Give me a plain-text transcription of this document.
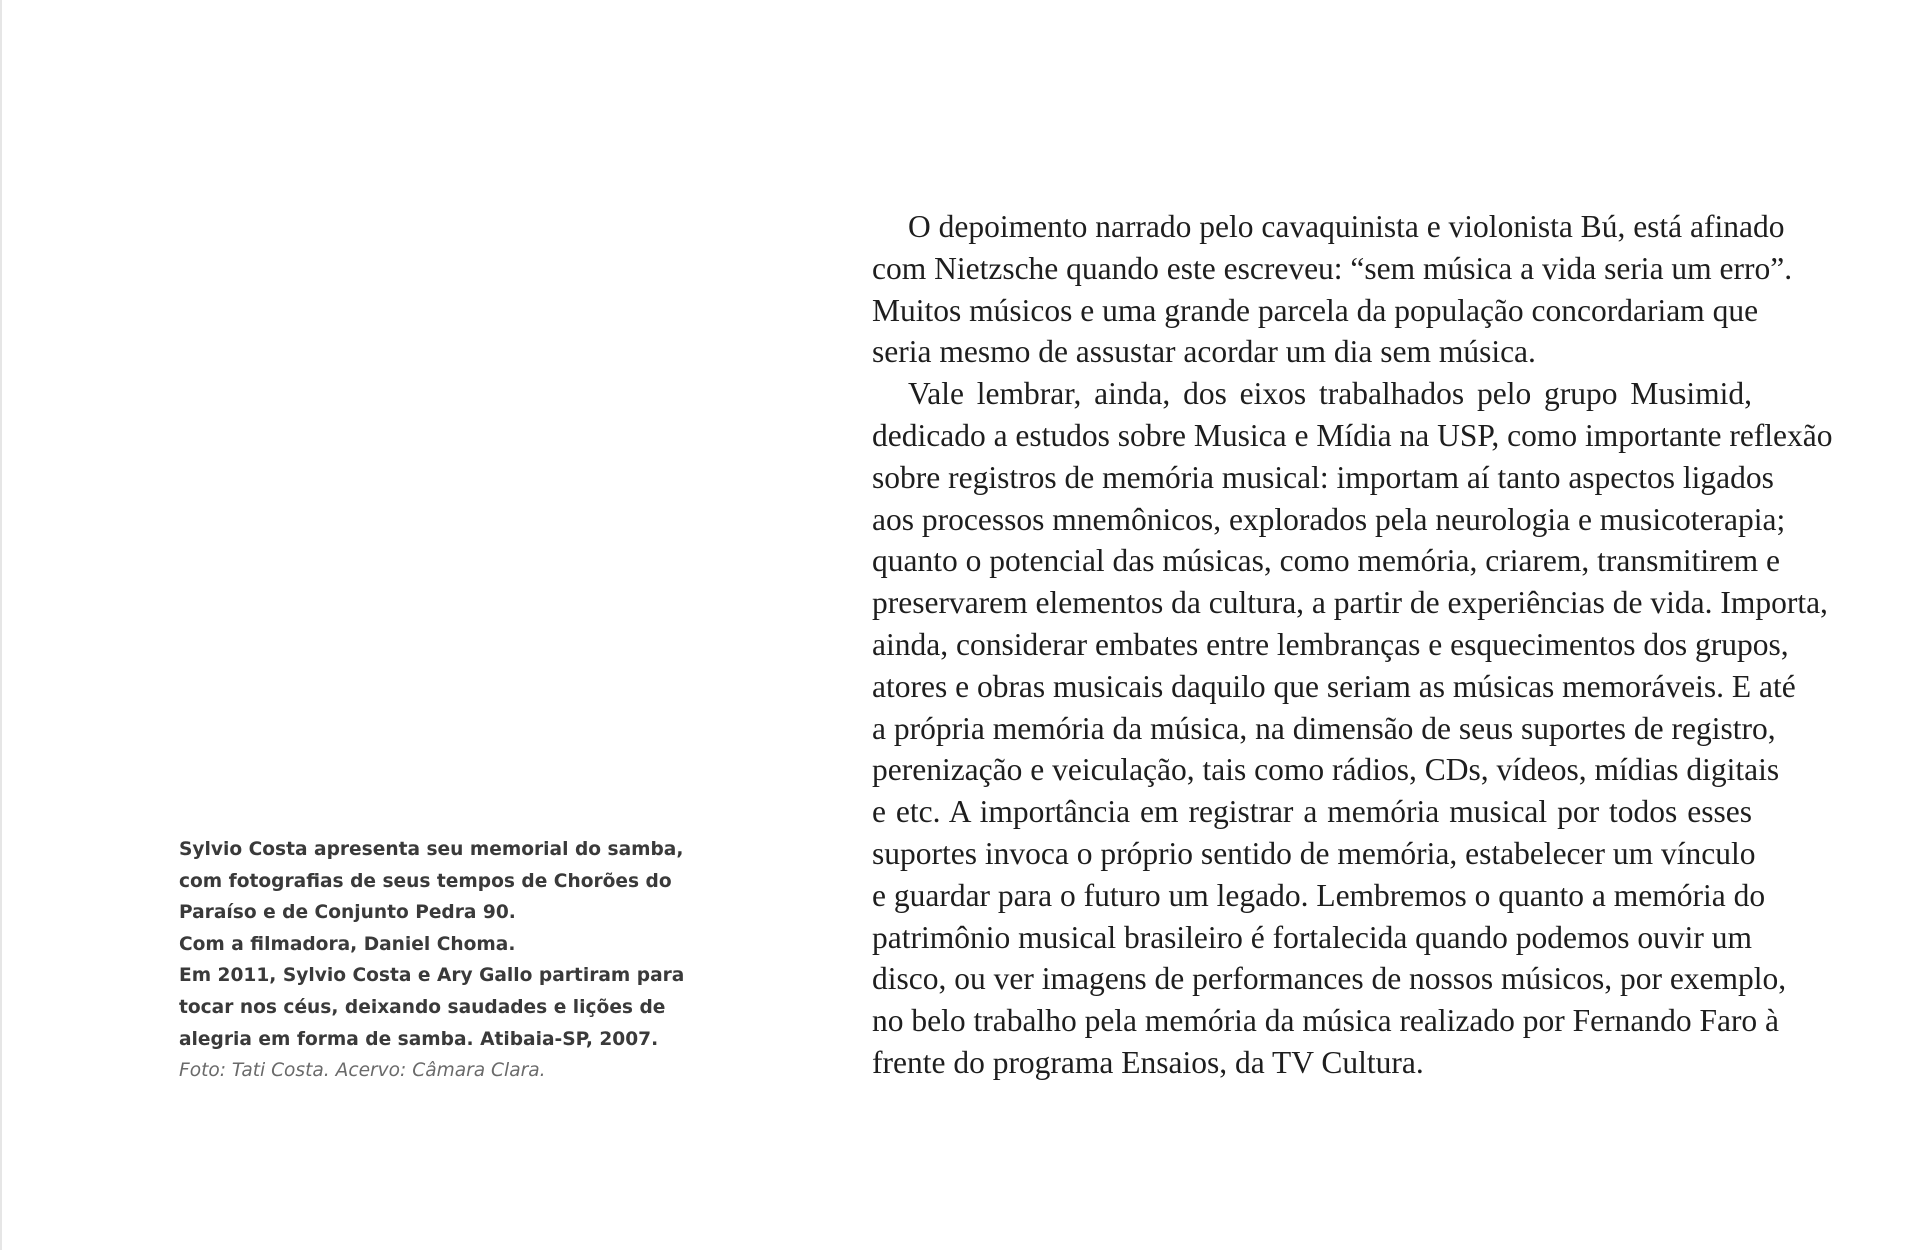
Sylvio Costa apresenta seu memorial do samba,
com fotografias de seus tempos de Chorões do
Paraíso e de Conjunto Pedra 90.
Com a filmadora, Daniel Choma.
Em 2011, Sylvio Costa e Ary Gallo partiram para
tocar nos céus, deixando saudades e lições de
alegria em forma de samba. Atibaia-SP, 2007.
Foto: Tati Costa. Acervo: Câmara Clara.
O depoimento narrado pelo cavaquinista e violonista Bú, está afinado
com Nietzsche quando este escreveu: “sem música a vida seria um erro”.
Muitos músicos e uma grande parcela da população concordariam que
seria mesmo de assustar acordar um dia sem música.
Vale lembrar, ainda, dos eixos trabalhados pelo grupo Musimid,
dedicado a estudos sobre Musica e Mídia na USP, como importante reflexão
sobre registros de memória musical: importam aí tanto aspectos ligados
aos processos mnemônicos, explorados pela neurologia e musicoterapia;
quanto o potencial das músicas, como memória, criarem, transmitirem e
preservarem elementos da cultura, a partir de experiências de vida. Importa,
ainda, considerar embates entre lembranças e esquecimentos dos grupos,
atores e obras musicais daquilo que seriam as músicas memoráveis. E até
a própria memória da música, na dimensão de seus suportes de registro,
perenização e veiculação, tais como rádios, CDs, vídeos, mídias digitais
e etc. A importância em registrar a memória musical por todos esses
suportes invoca o próprio sentido de memória, estabelecer um vínculo
e guardar para o futuro um legado. Lembremos o quanto a memória do
patrimônio musical brasileiro é fortalecida quando podemos ouvir um
disco, ou ver imagens de performances de nossos músicos, por exemplo,
no belo trabalho pela memória da música realizado por Fernando Faro à
frente do programa Ensaios, da TV Cultura.
